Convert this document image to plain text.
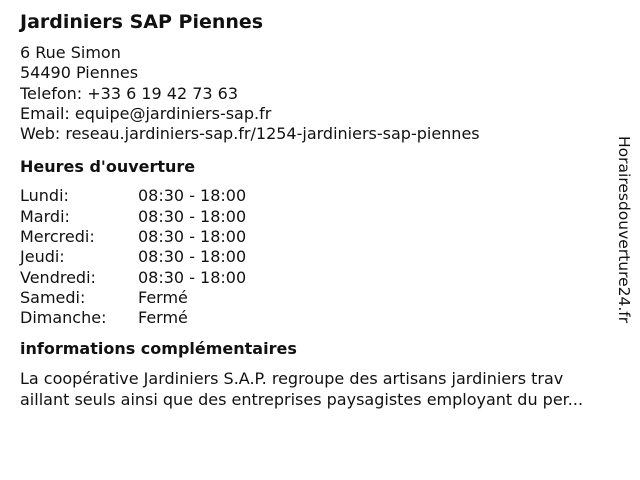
Jardiniers SAP Piennes
6 Rue Simon
54490 Piennes
Telefon: +33 6 19 42 73 63
Email: equipe@jardiniers-sap.fr
Web: reseau.jardiniers-sap.fr/1254-jardiniers-sap-piennes
Heures d'ouverture
Lundi:	08:30 - 18:00
Mardi:	08:30 - 18:00
Mercredi:	08:30 - 18:00
Jeudi:	08:30 - 18:00
Vendredi:	08:30 - 18:00
Samedi:	Fermé
Dimanche:	Fermé
informations complémentaires
La coopérative Jardiniers S.A.P. regroupe des artisans jardiniers trav
aillant seuls ainsi que des entreprises paysagistes employant du per...
Horairesdouverture24.fr
